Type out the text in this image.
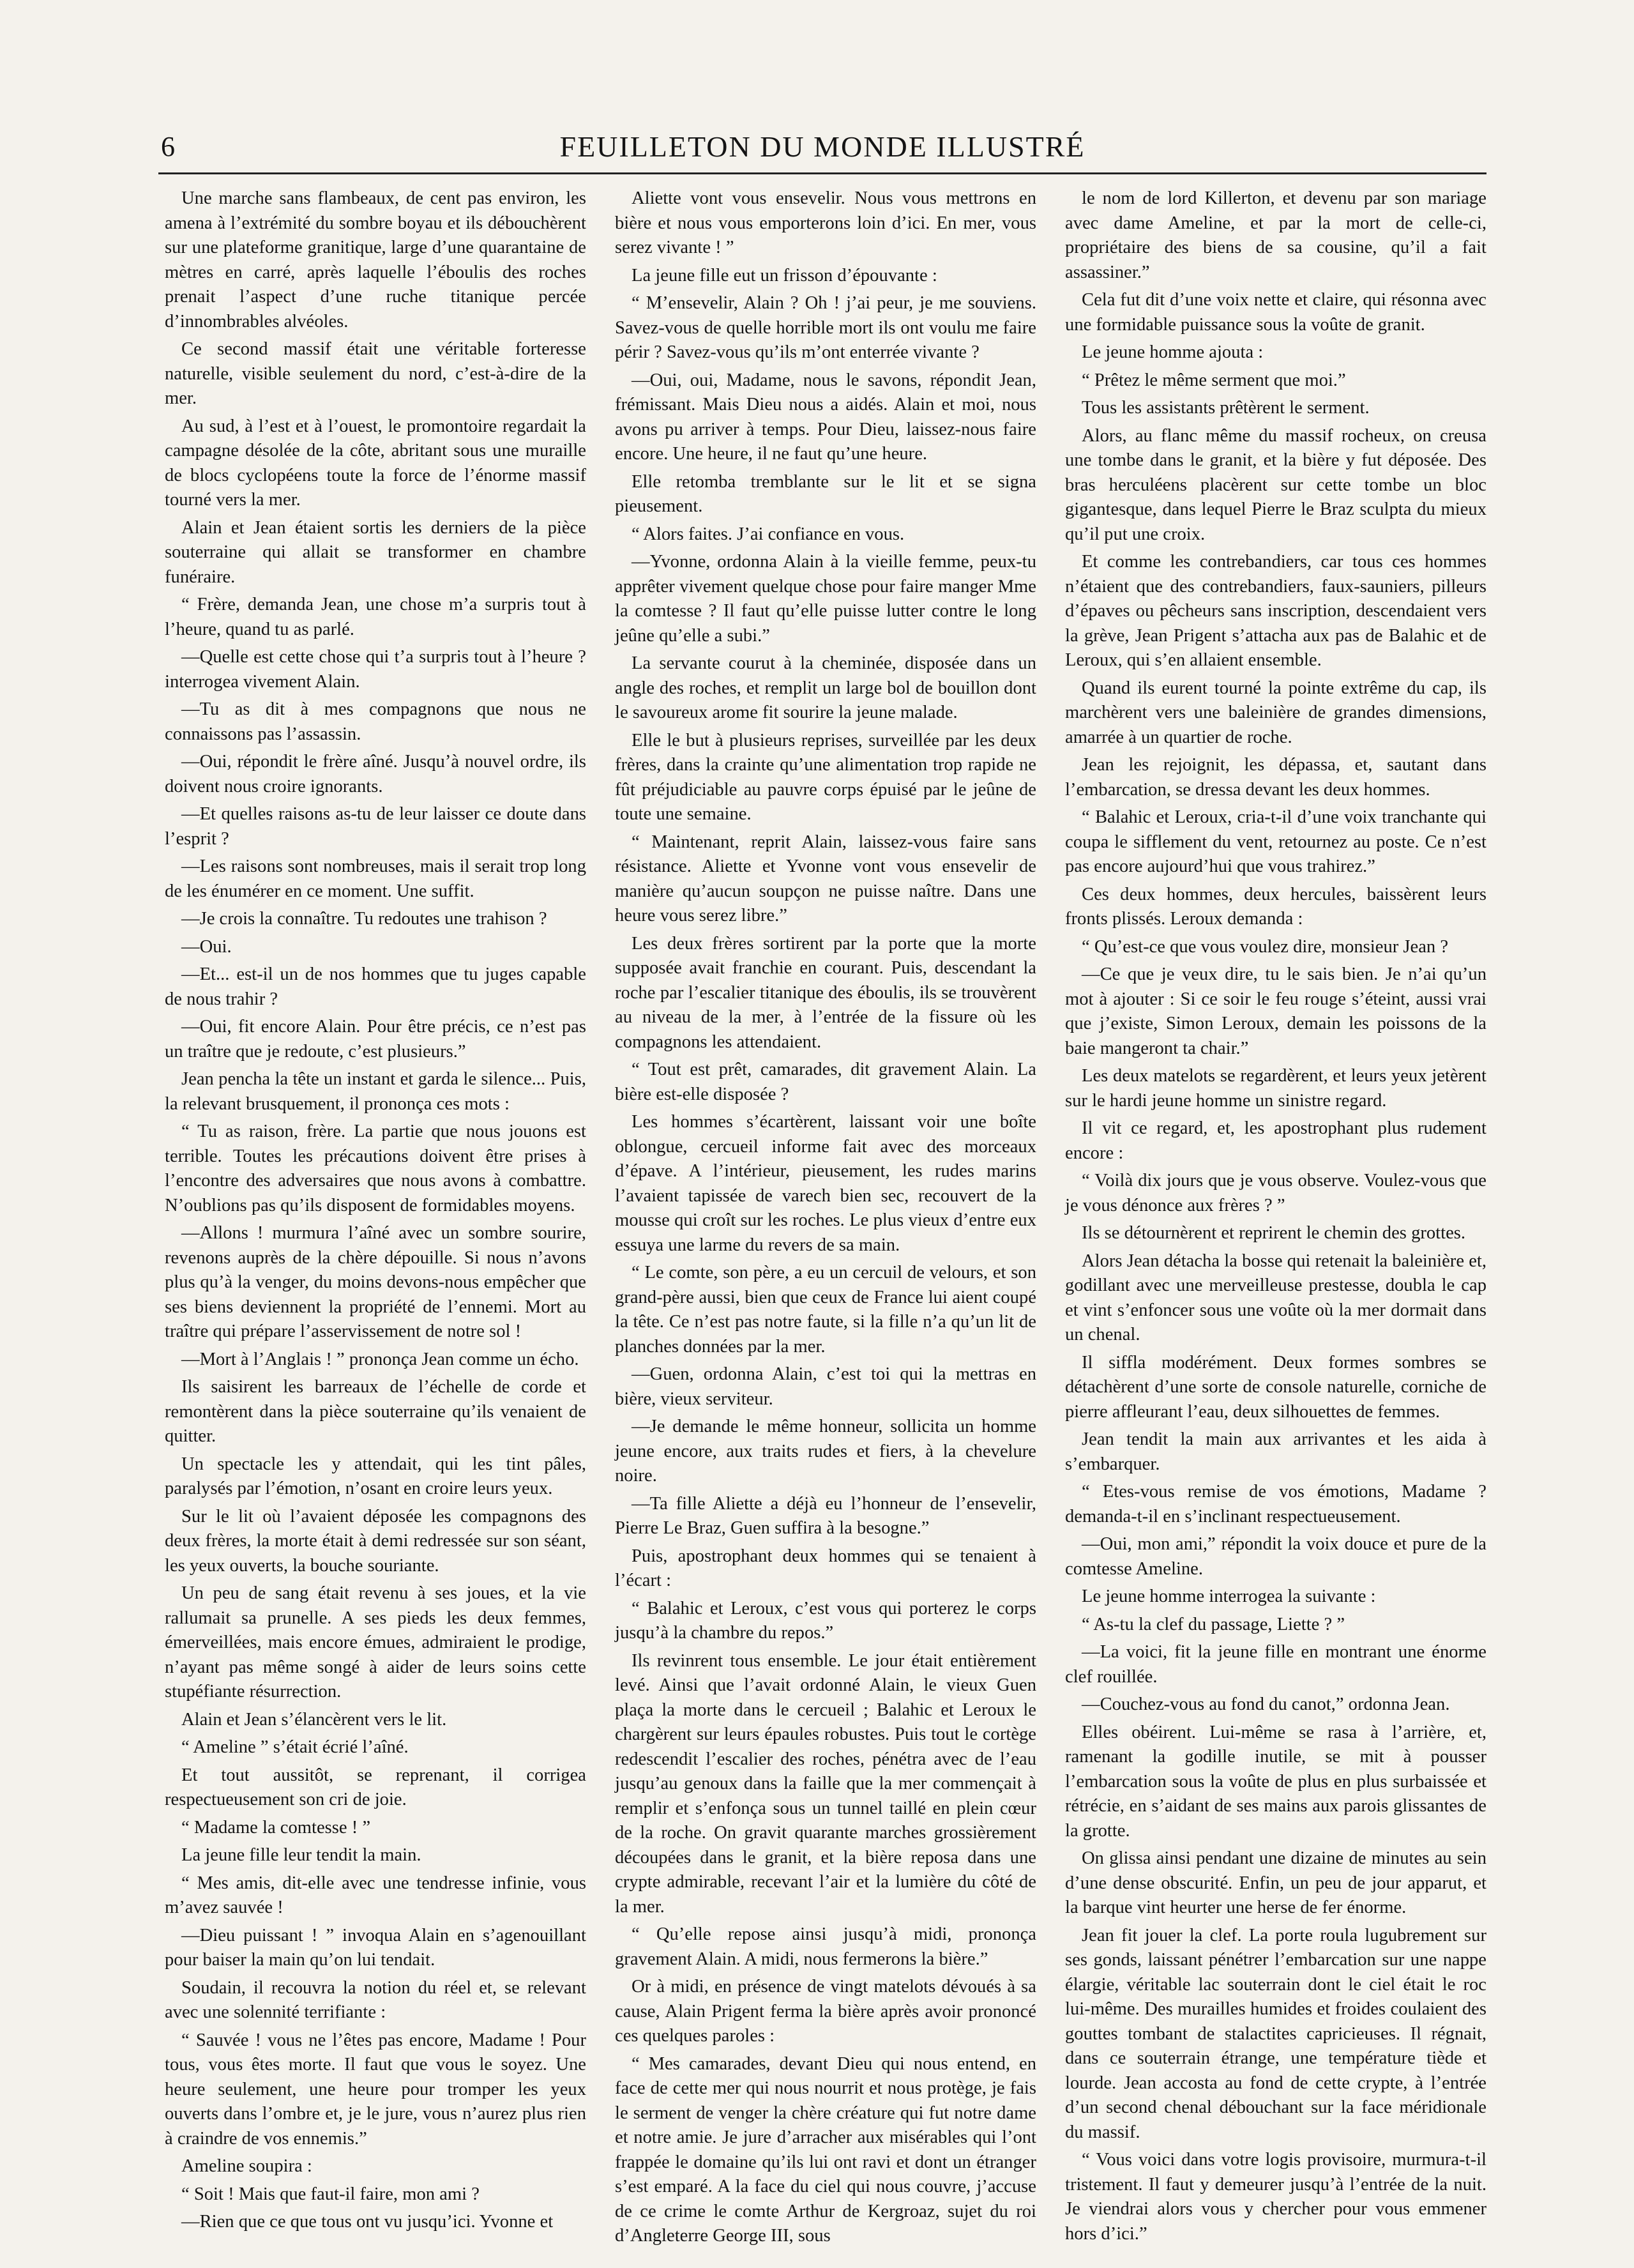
6	FEUILLETON DU MONDE ILLUSTRÉ

Une marche sans flambeaux, de cent pas environ, les amena à l’extrémité du sombre boyau et ils débouchèrent sur une plateforme granitique, large d’une quarantaine de mètres en carré, après laquelle l’éboulis des roches prenait l’aspect d’une ruche titanique percée d’innombrables alvéoles.

Ce second massif était une véritable forteresse naturelle, visible seulement du nord, c’est-à-dire de la mer.

Au sud, à l’est et à l’ouest, le promontoire regardait la campagne désolée de la côte, abritant sous une muraille de blocs cyclopéens toute la force de l’énorme massif tourné vers la mer.

Alain et Jean étaient sortis les derniers de la pièce souterraine qui allait se transformer en chambre funéraire.

“ Frère, demanda Jean, une chose m’a surpris tout à l’heure, quand tu as parlé.

—Quelle est cette chose qui t’a surpris tout à l’heure ? interrogea vivement Alain.

—Tu as dit à mes compagnons que nous ne connaissons pas l’assassin.

—Oui, répondit le frère aîné. Jusqu’à nouvel ordre, ils doivent nous croire ignorants.

—Et quelles raisons as-tu de leur laisser ce doute dans l’esprit ?

—Les raisons sont nombreuses, mais il serait trop long de les énumérer en ce moment. Une suffit.

—Je crois la connaître. Tu redoutes une trahison ?

—Oui.

—Et... est-il un de nos hommes que tu juges capable de nous trahir ?

—Oui, fit encore Alain. Pour être précis, ce n’est pas un traître que je redoute, c’est plusieurs.”

Jean pencha la tête un instant et garda le silence... Puis, la relevant brusquement, il prononça ces mots :

“ Tu as raison, frère. La partie que nous jouons est terrible. Toutes les précautions doivent être prises à l’encontre des adversaires que nous avons à combattre. N’oublions pas qu’ils disposent de formidables moyens.

—Allons ! murmura l’aîné avec un sombre sourire, revenons auprès de la chère dépouille. Si nous n’avons plus qu’à la venger, du moins devons-nous empêcher que ses biens deviennent la propriété de l’ennemi. Mort au traître qui prépare l’asservissement de notre sol !

—Mort à l’Anglais ! ” prononça Jean comme un écho.

Ils saisirent les barreaux de l’échelle de corde et remontèrent dans la pièce souterraine qu’ils venaient de quitter.

Un spectacle les y attendait, qui les tint pâles, paralysés par l’émotion, n’osant en croire leurs yeux.

Sur le lit où l’avaient déposée les compagnons des deux frères, la morte était à demi redressée sur son séant, les yeux ouverts, la bouche souriante.

Un peu de sang était revenu à ses joues, et la vie rallumait sa prunelle. A ses pieds les deux femmes, émerveillées, mais encore émues, admiraient le prodige, n’ayant pas même songé à aider de leurs soins cette stupéfiante résurrection.

Alain et Jean s’élancèrent vers le lit.

“ Ameline ” s’était écrié l’aîné.

Et tout aussitôt, se reprenant, il corrigea respectueusement son cri de joie.

“ Madame la comtesse ! ”

La jeune fille leur tendit la main.

“ Mes amis, dit-elle avec une tendresse infinie, vous m’avez sauvée !

—Dieu puissant ! ” invoqua Alain en s’agenouillant pour baiser la main qu’on lui tendait.

Soudain, il recouvra la notion du réel et, se relevant avec une solennité terrifiante :

“ Sauvée ! vous ne l’êtes pas encore, Madame ! Pour tous, vous êtes morte. Il faut que vous le soyez. Une heure seulement, une heure pour tromper les yeux ouverts dans l’ombre et, je le jure, vous n’aurez plus rien à craindre de vos ennemis.”

Ameline soupira :

“ Soit ! Mais que faut-il faire, mon ami ?

—Rien que ce que tous ont vu jusqu’ici. Yvonne et

Aliette vont vous ensevelir. Nous vous mettrons en bière et nous vous emporterons loin d’ici. En mer, vous serez vivante ! ”

La jeune fille eut un frisson d’épouvante :

“ M’ensevelir, Alain ? Oh ! j’ai peur, je me souviens. Savez-vous de quelle horrible mort ils ont voulu me faire périr ? Savez-vous qu’ils m’ont enterrée vivante ?

—Oui, oui, Madame, nous le savons, répondit Jean, frémissant. Mais Dieu nous a aidés. Alain et moi, nous avons pu arriver à temps. Pour Dieu, laissez-nous faire encore. Une heure, il ne faut qu’une heure.

Elle retomba tremblante sur le lit et se signa pieusement.

“ Alors faites. J’ai confiance en vous.

—Yvonne, ordonna Alain à la vieille femme, peux-tu apprêter vivement quelque chose pour faire manger Mme la comtesse ? Il faut qu’elle puisse lutter contre le long jeûne qu’elle a subi.”

La servante courut à la cheminée, disposée dans un angle des roches, et remplit un large bol de bouillon dont le savoureux arome fit sourire la jeune malade.

Elle le but à plusieurs reprises, surveillée par les deux frères, dans la crainte qu’une alimentation trop rapide ne fût préjudiciable au pauvre corps épuisé par le jeûne de toute une semaine.

“ Maintenant, reprit Alain, laissez-vous faire sans résistance. Aliette et Yvonne vont vous ensevelir de manière qu’aucun soupçon ne puisse naître. Dans une heure vous serez libre.”

Les deux frères sortirent par la porte que la morte supposée avait franchie en courant. Puis, descendant la roche par l’escalier titanique des éboulis, ils se trouvèrent au niveau de la mer, à l’entrée de la fissure où les compagnons les attendaient.

“ Tout est prêt, camarades, dit gravement Alain. La bière est-elle disposée ?

Les hommes s’écartèrent, laissant voir une boîte oblongue, cercueil informe fait avec des morceaux d’épave. A l’intérieur, pieusement, les rudes marins l’avaient tapissée de varech bien sec, recouvert de la mousse qui croît sur les roches. Le plus vieux d’entre eux essuya une larme du revers de sa main.

“ Le comte, son père, a eu un cercuil de velours, et son grand-père aussi, bien que ceux de France lui aient coupé la tête. Ce n’est pas notre faute, si la fille n’a qu’un lit de planches données par la mer.

—Guen, ordonna Alain, c’est toi qui la mettras en bière, vieux serviteur.

—Je demande le même honneur, sollicita un homme jeune encore, aux traits rudes et fiers, à la chevelure noire.

—Ta fille Aliette a déjà eu l’honneur de l’ensevelir, Pierre Le Braz, Guen suffira à la besogne.”

Puis, apostrophant deux hommes qui se tenaient à l’écart :

“ Balahic et Leroux, c’est vous qui porterez le corps jusqu’à la chambre du repos.”

Ils revinrent tous ensemble. Le jour était entièrement levé. Ainsi que l’avait ordonné Alain, le vieux Guen plaça la morte dans le cercueil ; Balahic et Leroux le chargèrent sur leurs épaules robustes. Puis tout le cortège redescendit l’escalier des roches, pénétra avec de l’eau jusqu’au genoux dans la faille que la mer commençait à remplir et s’enfonça sous un tunnel taillé en plein cœur de la roche. On gravit quarante marches grossièrement découpées dans le granit, et la bière reposa dans une crypte admirable, recevant l’air et la lumière du côté de la mer.

“ Qu’elle repose ainsi jusqu’à midi, prononça gravement Alain. A midi, nous fermerons la bière.”

Or à midi, en présence de vingt matelots dévoués à sa cause, Alain Prigent ferma la bière après avoir prononcé ces quelques paroles :

“ Mes camarades, devant Dieu qui nous entend, en face de cette mer qui nous nourrit et nous protège, je fais le serment de venger la chère créature qui fut notre dame et notre amie. Je jure d’arracher aux misérables qui l’ont frappée le domaine qu’ils lui ont ravi et dont un étranger s’est emparé. A la face du ciel qui nous couvre, j’accuse de ce crime le comte Arthur de Kergroaz, sujet du roi d’Angleterre George III, sous

le nom de lord Killerton, et devenu par son mariage avec dame Ameline, et par la mort de celle-ci, propriétaire des biens de sa cousine, qu’il a fait assassiner.”

Cela fut dit d’une voix nette et claire, qui résonna avec une formidable puissance sous la voûte de granit.

Le jeune homme ajouta :

“ Prêtez le même serment que moi.”

Tous les assistants prêtèrent le serment.

Alors, au flanc même du massif rocheux, on creusa une tombe dans le granit, et la bière y fut déposée. Des bras herculéens placèrent sur cette tombe un bloc gigantesque, dans lequel Pierre le Braz sculpta du mieux qu’il put une croix.

Et comme les contrebandiers, car tous ces hommes n’étaient que des contrebandiers, faux-sauniers, pilleurs d’épaves ou pêcheurs sans inscription, descendaient vers la grève, Jean Prigent s’attacha aux pas de Balahic et de Leroux, qui s’en allaient ensemble.

Quand ils eurent tourné la pointe extrême du cap, ils marchèrent vers une baleinière de grandes dimensions, amarrée à un quartier de roche.

Jean les rejoignit, les dépassa, et, sautant dans l’embarcation, se dressa devant les deux hommes.

“ Balahic et Leroux, cria-t-il d’une voix tranchante qui coupa le sifflement du vent, retournez au poste. Ce n’est pas encore aujourd’hui que vous trahirez.”

Ces deux hommes, deux hercules, baissèrent leurs fronts plissés. Leroux demanda :

“ Qu’est-ce que vous voulez dire, monsieur Jean ?

—Ce que je veux dire, tu le sais bien. Je n’ai qu’un mot à ajouter : Si ce soir le feu rouge s’éteint, aussi vrai que j’existe, Simon Leroux, demain les poissons de la baie mangeront ta chair.”

Les deux matelots se regardèrent, et leurs yeux jetèrent sur le hardi jeune homme un sinistre regard.

Il vit ce regard, et, les apostrophant plus rudement encore :

“ Voilà dix jours que je vous observe. Voulez-vous que je vous dénonce aux frères ? ”

Ils se détournèrent et reprirent le chemin des grottes.

Alors Jean détacha la bosse qui retenait la baleinière et, godillant avec une merveilleuse prestesse, doubla le cap et vint s’enfoncer sous une voûte où la mer dormait dans un chenal.

Il siffla modérément. Deux formes sombres se détachèrent d’une sorte de console naturelle, corniche de pierre affleurant l’eau, deux silhouettes de femmes.

Jean tendit la main aux arrivantes et les aida à s’embarquer.

“ Etes-vous remise de vos émotions, Madame ? demanda-t-il en s’inclinant respectueusement.

—Oui, mon ami,” répondit la voix douce et pure de la comtesse Ameline.

Le jeune homme interrogea la suivante :

“ As-tu la clef du passage, Liette ? ”

—La voici, fit la jeune fille en montrant une énorme clef rouillée.

—Couchez-vous au fond du canot,” ordonna Jean.

Elles obéirent. Lui-même se rasa à l’arrière, et, ramenant la godille inutile, se mit à pousser l’embarcation sous la voûte de plus en plus surbaissée et rétrécie, en s’aidant de ses mains aux parois glissantes de la grotte.

On glissa ainsi pendant une dizaine de minutes au sein d’une dense obscurité. Enfin, un peu de jour apparut, et la barque vint heurter une herse de fer énorme.

Jean fit jouer la clef. La porte roula lugubrement sur ses gonds, laissant pénétrer l’embarcation sur une nappe élargie, véritable lac souterrain dont le ciel était le roc lui-même. Des murailles humides et froides coulaient des gouttes tombant de stalactites capricieuses. Il régnait, dans ce souterrain étrange, une température tiède et lourde. Jean accosta au fond de cette crypte, à l’entrée d’un second chenal débouchant sur la face méridionale du massif.

“ Vous voici dans votre logis provisoire, murmura-t-il tristement. Il faut y demeurer jusqu’à l’entrée de la nuit. Je viendrai alors vous y chercher pour vous emmener hors d’ici.”
